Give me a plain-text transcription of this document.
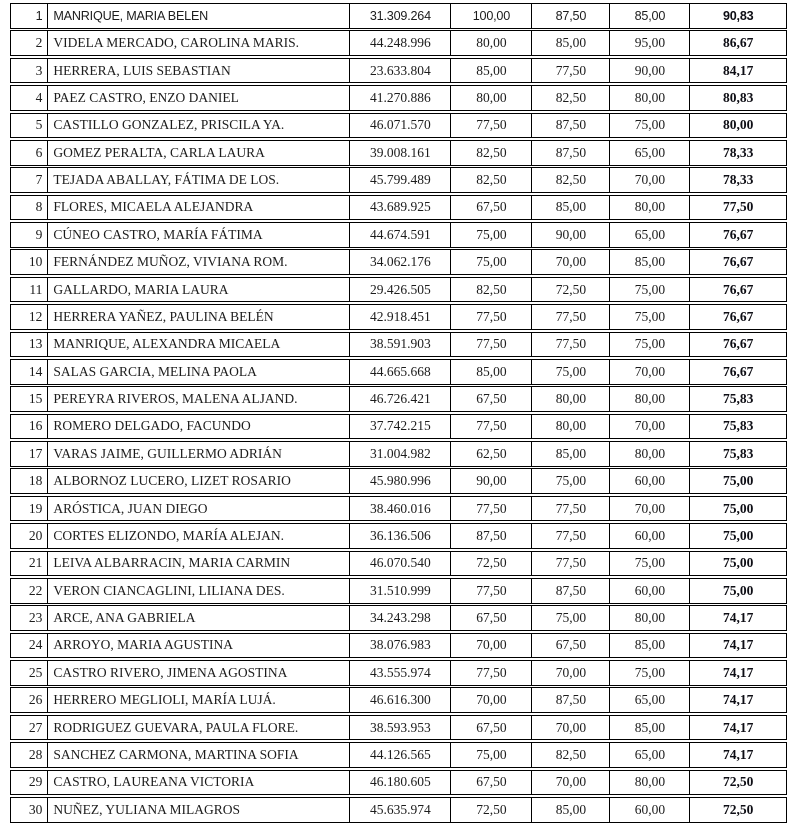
1 MANRIQUE, MARIA BELEN	31.309.264	100,00	87,50	85,00	90,83
2 VIDELA MERCADO, CAROLINA MARIS.	44.248.996	80,00	85,00	95,00	86,67
3 HERRERA, LUIS SEBASTIAN	23.633.804	85,00	77,50	90,00	84,17
4 PAEZ CASTRO, ENZO DANIEL	41.270.886	80,00	82,50	80,00	80,83
5 CASTILLO GONZALEZ, PRISCILA YA.	46.071.570	77,50	87,50	75,00	80,00
6 GOMEZ PERALTA, CARLA LAURA	39.008.161	82,50	87,50	65,00	78,33
7 TEJADA ABALLAY, FÁTIMA DE LOS.	45.799.489	82,50	82,50	70,00	78,33
8 FLORES, MICAELA ALEJANDRA	43.689.925	67,50	85,00	80,00	77,50
9 CÚNEO CASTRO, MARÍA FÁTIMA	44.674.591	75,00	90,00	65,00	76,67
10 FERNÁNDEZ MUÑOZ, VIVIANA ROM.	34.062.176	75,00	70,00	85,00	76,67
11 GALLARDO, MARIA LAURA	29.426.505	82,50	72,50	75,00	76,67
12 HERRERA YAÑEZ, PAULINA BELÉN	42.918.451	77,50	77,50	75,00	76,67
13 MANRIQUE, ALEXANDRA MICAELA	38.591.903	77,50	77,50	75,00	76,67
14 SALAS GARCIA, MELINA PAOLA	44.665.668	85,00	75,00	70,00	76,67
15 PEREYRA RIVEROS, MALENA ALJAND.	46.726.421	67,50	80,00	80,00	75,83
16 ROMERO DELGADO, FACUNDO	37.742.215	77,50	80,00	70,00	75,83
17 VARAS JAIME, GUILLERMO ADRIÁN	31.004.982	62,50	85,00	80,00	75,83
18 ALBORNOZ LUCERO, LIZET ROSARIO	45.980.996	90,00	75,00	60,00	75,00
19 ARÓSTICA, JUAN DIEGO	38.460.016	77,50	77,50	70,00	75,00
20 CORTES ELIZONDO, MARÍA ALEJAN.	36.136.506	87,50	77,50	60,00	75,00
21 LEIVA ALBARRACIN, MARIA CARMIN	46.070.540	72,50	77,50	75,00	75,00
22 VERON CIANCAGLINI, LILIANA DES.	31.510.999	77,50	87,50	60,00	75,00
23 ARCE, ANA GABRIELA	34.243.298	67,50	75,00	80,00	74,17
24 ARROYO, MARIA AGUSTINA	38.076.983	70,00	67,50	85,00	74,17
25 CASTRO RIVERO, JIMENA AGOSTINA	43.555.974	77,50	70,00	75,00	74,17
26 HERRERO MEGLIOLI, MARÍA LUJÁ.	46.616.300	70,00	87,50	65,00	74,17
27 RODRIGUEZ GUEVARA, PAULA FLORE.	38.593.953	67,50	70,00	85,00	74,17
28 SANCHEZ CARMONA, MARTINA SOFIA	44.126.565	75,00	82,50	65,00	74,17
29 CASTRO, LAUREANA VICTORIA	46.180.605	67,50	70,00	80,00	72,50
30 NUÑEZ, YULIANA MILAGROS	45.635.974	72,50	85,00	60,00	72,50
